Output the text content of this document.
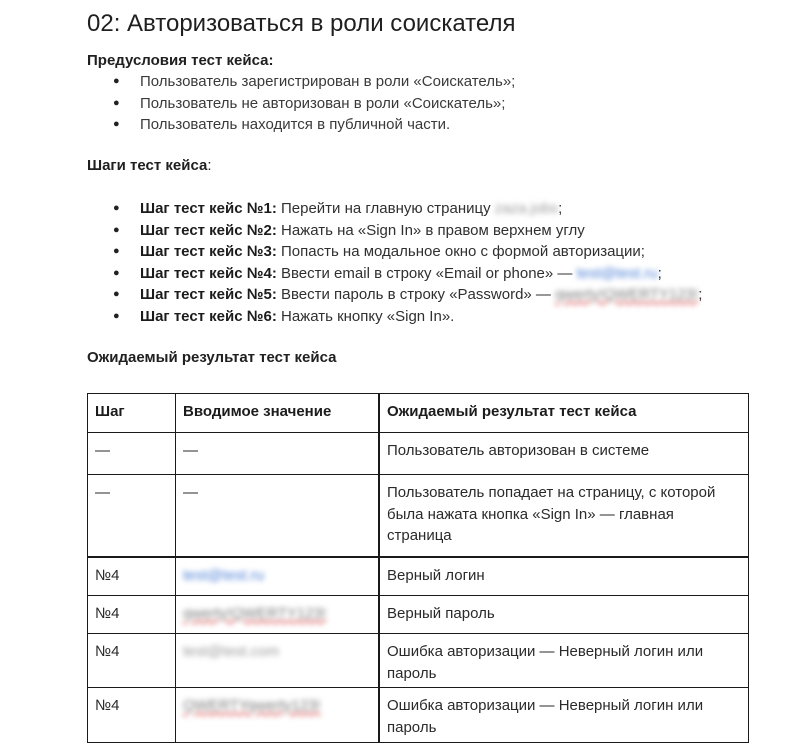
02: Авторизоваться в роли соискателя
Предусловия тест кейса:
● Пользователь зарегистрирован в роли «Соискатель»;
● Пользователь не авторизован в роли «Соискатель»;
● Пользователь находится в публичной части.
Шаги тест кейса:
● Шаг тест кейс №1: Перейти на главную страницу zaza.jobs;
● Шаг тест кейс №2: Нажать на «Sign In» в правом верхнем углу
● Шаг тест кейс №3: Попасть на модальное окно с формой авторизации;
● Шаг тест кейс №4: Ввести email в строку «Email or phone» — test@test.ru;
● Шаг тест кейс №5: Ввести пароль в строку «Password» — qwerty!QWERTY123!;
● Шаг тест кейс №6: Нажать кнопку «Sign In».
Ожидаемый результат тест кейса
Шаг	Вводимое значение	Ожидаемый результат тест кейса
—	—	Пользователь авторизован в системе
—	—	Пользователь попадает на страницу, с которой была нажата кнопка «Sign In» — главная страница
№4	test@test.ru	Верный логин
№4	qwerty!QWERTY123!	Верный пароль
№4	test@test.com	Ошибка авторизации — Неверный логин или пароль
№4	QWERTYqwerty123!	Ошибка авторизации — Неверный логин или пароль
